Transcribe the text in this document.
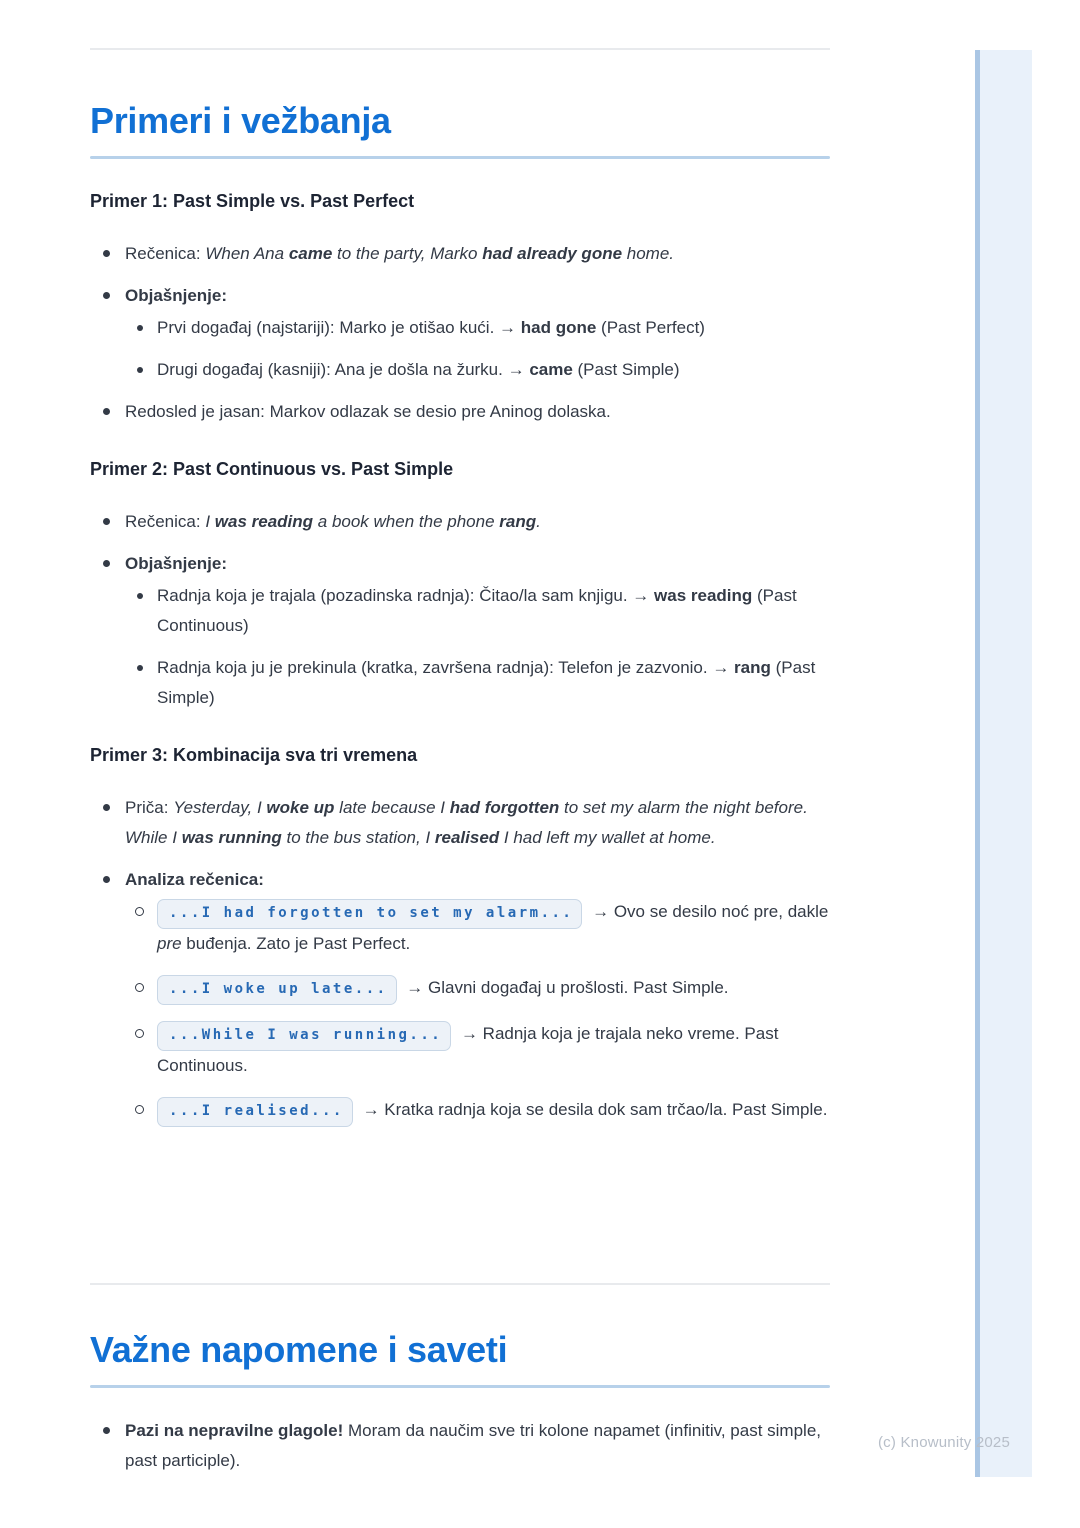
Primeri i vežbanja
Primer 1: Past Simple vs. Past Perfect
Rečenica: When Ana came to the party, Marko had already gone home.
Objašnjenje:
Prvi događaj (najstariji): Marko je otišao kući. → had gone (Past Perfect)
Drugi događaj (kasniji): Ana je došla na žurku. → came (Past Simple)
Redosled je jasan: Markov odlazak se desio pre Aninog dolaska.
Primer 2: Past Continuous vs. Past Simple
Rečenica: I was reading a book when the phone rang.
Objašnjenje:
Radnja koja je trajala (pozadinska radnja): Čitao/la sam knjigu. → was reading (Past Continuous)
Radnja koja ju je prekinula (kratka, završena radnja): Telefon je zazvonio. → rang (Past Simple)
Primer 3: Kombinacija sva tri vremena
Priča: Yesterday, I woke up late because I had forgotten to set my alarm the night before. While I was running to the bus station, I realised I had left my wallet at home.
Analiza rečenica:
...I had forgotten to set my alarm... → Ovo se desilo noć pre, dakle pre buđenja. Zato je Past Perfect.
...I woke up late... → Glavni događaj u prošlosti. Past Simple.
...While I was running... → Radnja koja je trajala neko vreme. Past Continuous.
...I realised... → Kratka radnja koja se desila dok sam trčao/la. Past Simple.
Važne napomene i saveti
Pazi na nepravilne glagole! Moram da naučim sve tri kolone napamet (infinitiv, past simple, past participle).
(c) Knowunity 2025
